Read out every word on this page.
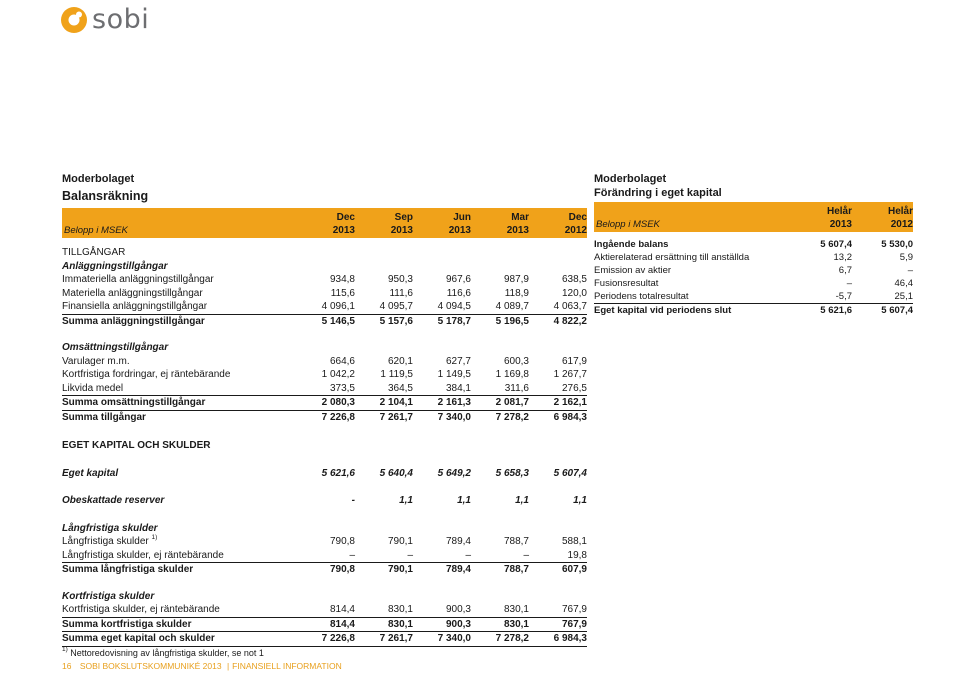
sobi
Moderbolaget
Balansräkning
Dec	Sep	Jun	Mar	Dec
Belopp i MSEK	2013	2013	2013	2013	2012
TILLGÅNGAR
Anläggningstillgångar
Immateriella anläggningstillgångar	934,8	950,3	967,6	987,9	638,5
Materiella anläggningstillgångar	115,6	111,6	116,6	118,9	120,0
Finansiella anläggningstillgångar	4 096,1	4 095,7	4 094,5	4 089,7	4 063,7
Summa anläggningstillgångar	5 146,5	5 157,6	5 178,7	5 196,5	4 822,2
Omsättningstillgångar
Varulager m.m.	664,6	620,1	627,7	600,3	617,9
Kortfristiga fordringar, ej räntebärande	1 042,2	1 119,5	1 149,5	1 169,8	1 267,7
Likvida medel	373,5	364,5	384,1	311,6	276,5
Summa omsättningstillgångar	2 080,3	2 104,1	2 161,3	2 081,7	2 162,1
Summa tillgångar	7 226,8	7 261,7	7 340,0	7 278,2	6 984,3
EGET KAPITAL OCH SKULDER
Eget kapital	5 621,6	5 640,4	5 649,2	5 658,3	5 607,4
Obeskattade reserver	-	1,1	1,1	1,1	1,1
Långfristiga skulder
Långfristiga skulder $^{1)}$	790,8	790,1	789,4	788,7	588,1
Långfristiga skulder, ej räntebärande	–	–	–	–	19,8
Summa långfristiga skulder	790,8	790,1	789,4	788,7	607,9
Kortfristiga skulder
Kortfristiga skulder, ej räntebärande	814,4	830,1	900,3	830,1	767,9
Summa kortfristiga skulder	814,4	830,1	900,3	830,1	767,9
Summa eget kapital och skulder	7 226,8	7 261,7	7 340,0	7 278,2	6 984,3
$^{1)}$ Nettoredovisning av långfristiga skulder, se not 1
Moderbolaget
Förändring i eget kapital
Helår	Helår
Belopp i MSEK	2013	2012
Ingående balans	5 607,4	5 530,0
Aktierelaterad ersättning till anställda	13,2	5,9
Emission av aktier	6,7	–
Fusionsresultat	–	46,4
Periodens totalresultat	-5,7	25,1
Eget kapital vid periodens slut	5 621,6	5 607,4
16 SOBI BOKSLUTSKOMMUNIKÉ 2013 | FINANSIELL INFORMATION
